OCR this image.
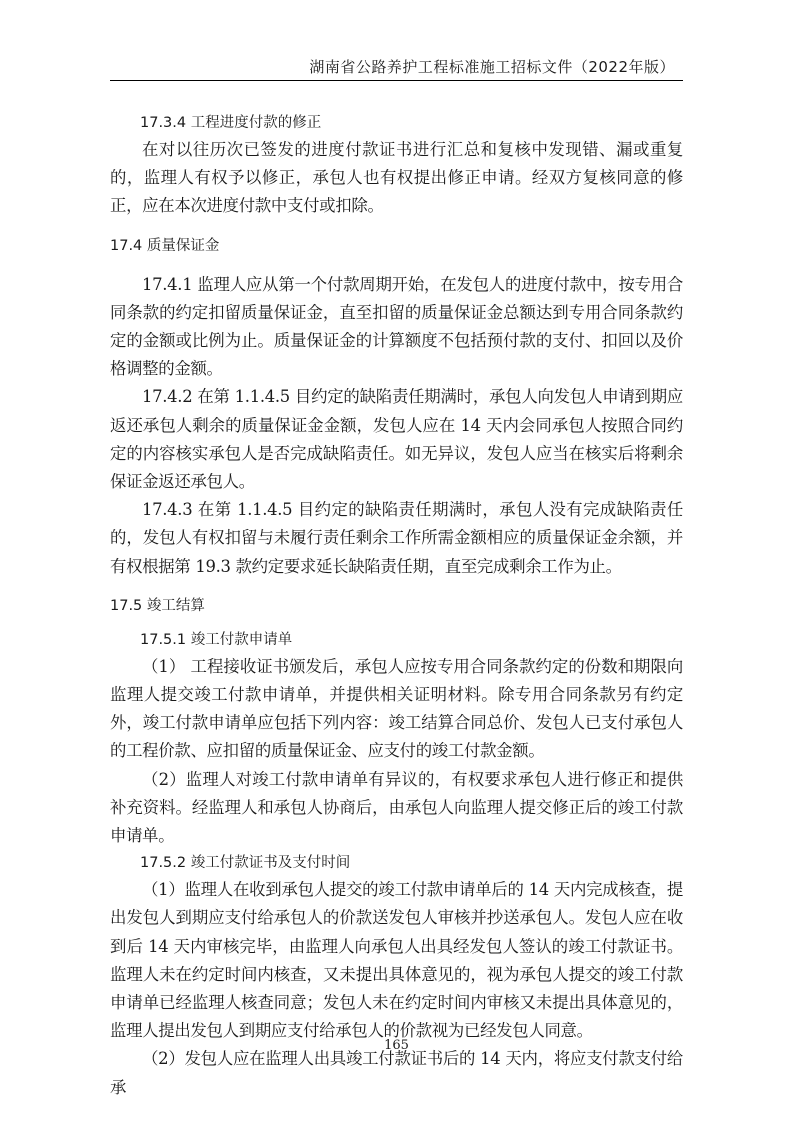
湖南省公路养护工程标准施工招标文件（2022年版）

17.3.4 工程进度付款的修正

在对以往历次已签发的进度付款证书进行汇总和复核中发现错、漏或重复的，监理人有权予以修正，承包人也有权提出修正申请。经双方复核同意的修正，应在本次进度付款中支付或扣除。

17.4 质量保证金

17.4.1 监理人应从第一个付款周期开始，在发包人的进度付款中，按专用合同条款的约定扣留质量保证金，直至扣留的质量保证金总额达到专用合同条款约定的金额或比例为止。质量保证金的计算额度不包括预付款的支付、扣回以及价格调整的金额。

17.4.2 在第 1.1.4.5 目约定的缺陷责任期满时，承包人向发包人申请到期应返还承包人剩余的质量保证金金额，发包人应在 14 天内会同承包人按照合同约定的内容核实承包人是否完成缺陷责任。如无异议，发包人应当在核实后将剩余保证金返还承包人。

17.4.3 在第 1.1.4.5 目约定的缺陷责任期满时，承包人没有完成缺陷责任的，发包人有权扣留与未履行责任剩余工作所需金额相应的质量保证金余额，并有权根据第 19.3 款约定要求延长缺陷责任期，直至完成剩余工作为止。

17.5 竣工结算

17.5.1 竣工付款申请单

（1） 工程接收证书颁发后，承包人应按专用合同条款约定的份数和期限向监理人提交竣工付款申请单，并提供相关证明材料。除专用合同条款另有约定外，竣工付款申请单应包括下列内容：竣工结算合同总价、发包人已支付承包人的工程价款、应扣留的质量保证金、应支付的竣工付款金额。

（2）监理人对竣工付款申请单有异议的，有权要求承包人进行修正和提供补充资料。经监理人和承包人协商后，由承包人向监理人提交修正后的竣工付款申请单。

17.5.2 竣工付款证书及支付时间

（1）监理人在收到承包人提交的竣工付款申请单后的 14 天内完成核查，提出发包人到期应支付给承包人的价款送发包人审核并抄送承包人。发包人应在收到后 14 天内审核完毕，由监理人向承包人出具经发包人签认的竣工付款证书。监理人未在约定时间内核查，又未提出具体意见的，视为承包人提交的竣工付款申请单已经监理人核查同意；发包人未在约定时间内审核又未提出具体意见的，监理人提出发包人到期应支付给承包人的价款视为已经发包人同意。

（2）发包人应在监理人出具竣工付款证书后的 14 天内，将应支付款支付给承

165
